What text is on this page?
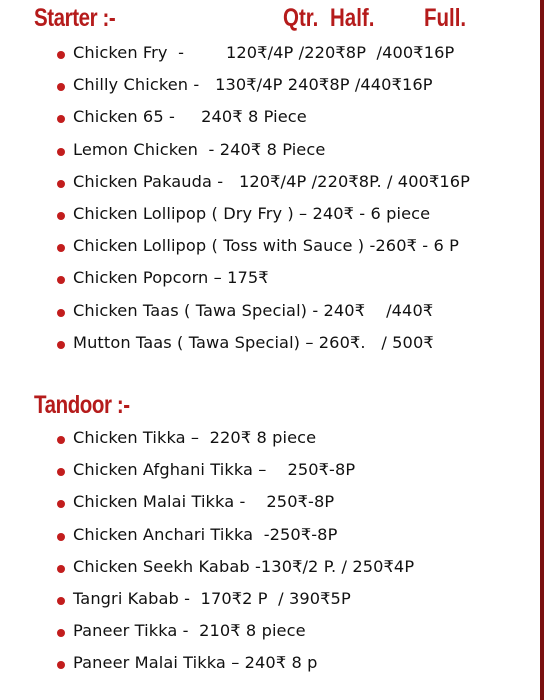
Starter :-	Qtr. Half. Full.
Chicken Fry  -        120₹/4P /220₹8P  /400₹16P
Chilly Chicken -   130₹/4P 240₹8P /440₹16P
Chicken 65 -     240₹ 8 Piece
Lemon Chicken  - 240₹ 8 Piece
Chicken Pakauda -   120₹/4P /220₹8P. / 400₹16P
Chicken Lollipop ( Dry Fry ) – 240₹ - 6 piece
Chicken Lollipop ( Toss with Sauce ) -260₹ - 6 P
Chicken Popcorn – 175₹
Chicken Taas ( Tawa Special) - 240₹    /440₹
Mutton Taas ( Tawa Special) – 260₹.   / 500₹
Tandoor :-
Chicken Tikka –  220₹ 8 piece
Chicken Afghani Tikka –    250₹-8P
Chicken Malai Tikka -    250₹-8P
Chicken Anchari Tikka  -250₹-8P
Chicken Seekh Kabab -130₹/2 P. / 250₹4P
Tangri Kabab -  170₹2 P  / 390₹5P
Paneer Tikka -  210₹ 8 piece
Paneer Malai Tikka – 240₹ 8 p
